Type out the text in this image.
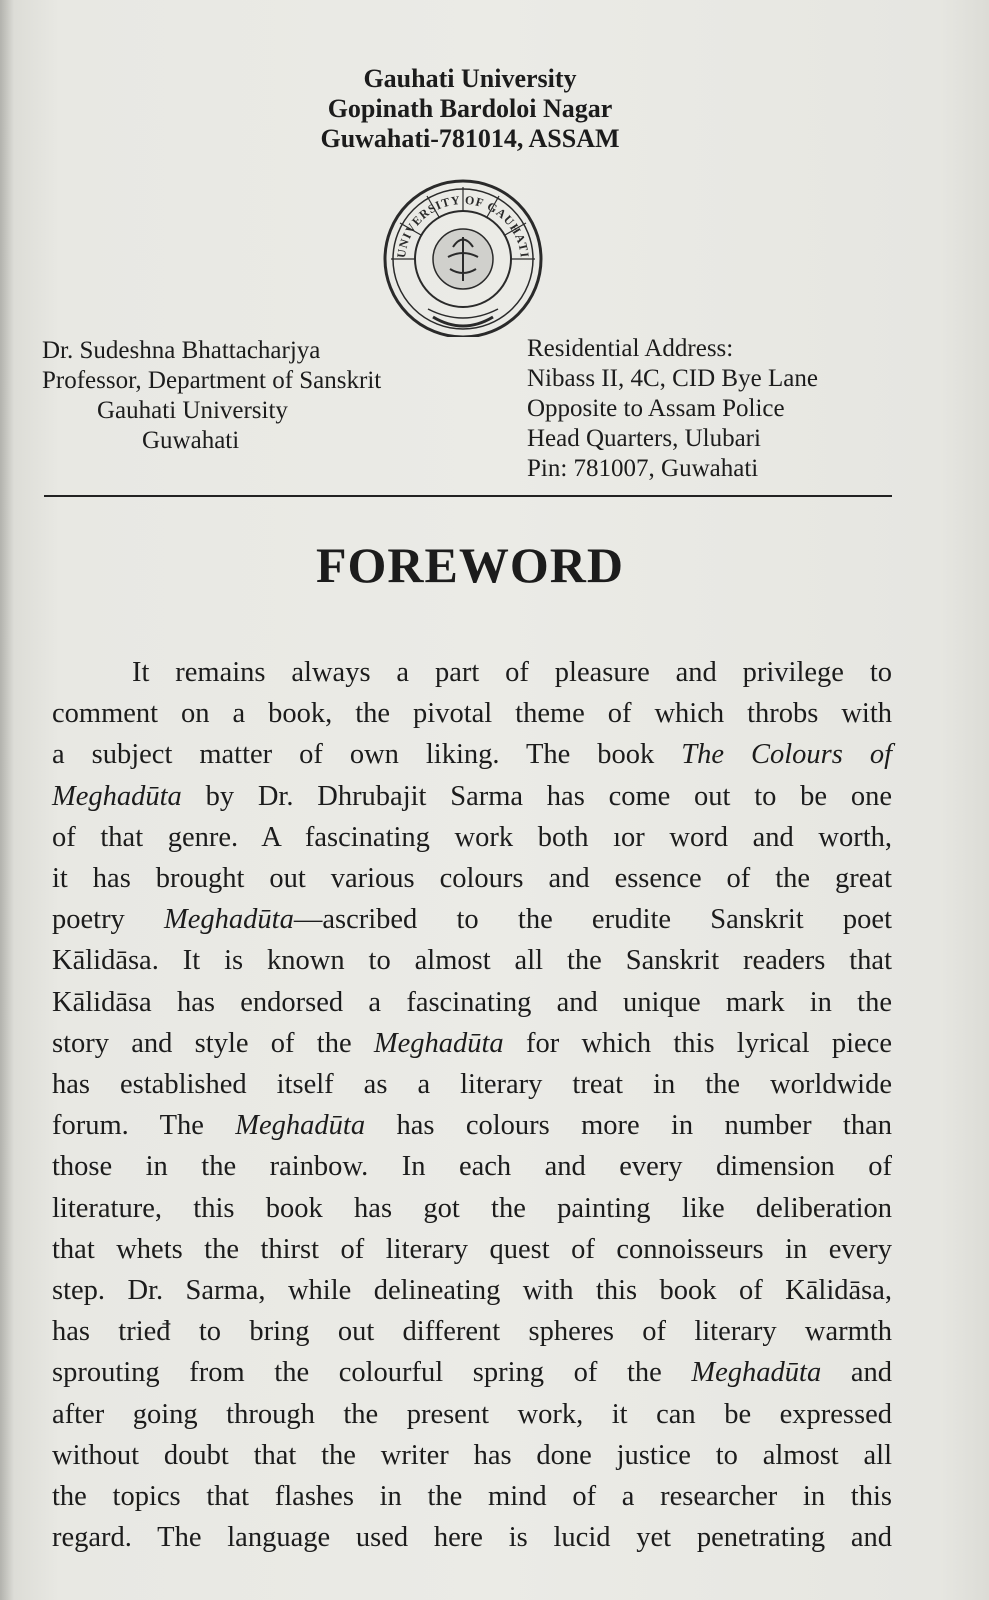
Gauhati University
Gopinath Bardoloi Nagar
Guwahati-781014, ASSAM
UNIVERSITY OF GAUHATI
Dr. Sudeshna Bhattacharjya
Professor, Department of Sanskrit
Gauhati University
Guwahati
Residential Address:
Nibass II, 4C, CID Bye Lane
Opposite to Assam Police
Head Quarters, Ulubari
Pin: 781007, Guwahati
FOREWORD
It remains always a part of pleasure and privilege to
comment on a book, the pivotal theme of which throbs with
a subject matter of own liking. The book The Colours of
Meghadūta by Dr. Dhrubajit Sarma has come out to be one
of that genre. A fascinating work both ıor word and worth,
it has brought out various colours and essence of the great
poetry Meghadūta—ascribed to the erudite Sanskrit poet
Kālidāsa. It is known to almost all the Sanskrit readers that
Kālidāsa has endorsed a fascinating and unique mark in the
story and style of the Meghadūta for which this lyrical piece
has established itself as a literary treat in the worldwide
forum. The Meghadūta has colours more in number than
those in the rainbow. In each and every dimension of
literature, this book has got the painting like deliberation
that whets the thirst of literary quest of connoisseurs in every
step. Dr. Sarma, while delineating with this book of Kālidāsa,
has trieđ to bring out different spheres of literary warmth
sprouting from the colourful spring of the Meghadūta and
after going through the present work, it can be expressed
without doubt that the writer has done justice to almost all
the topics that flashes in the mind of a researcher in this
regard. The language used here is lucid yet penetrating and
